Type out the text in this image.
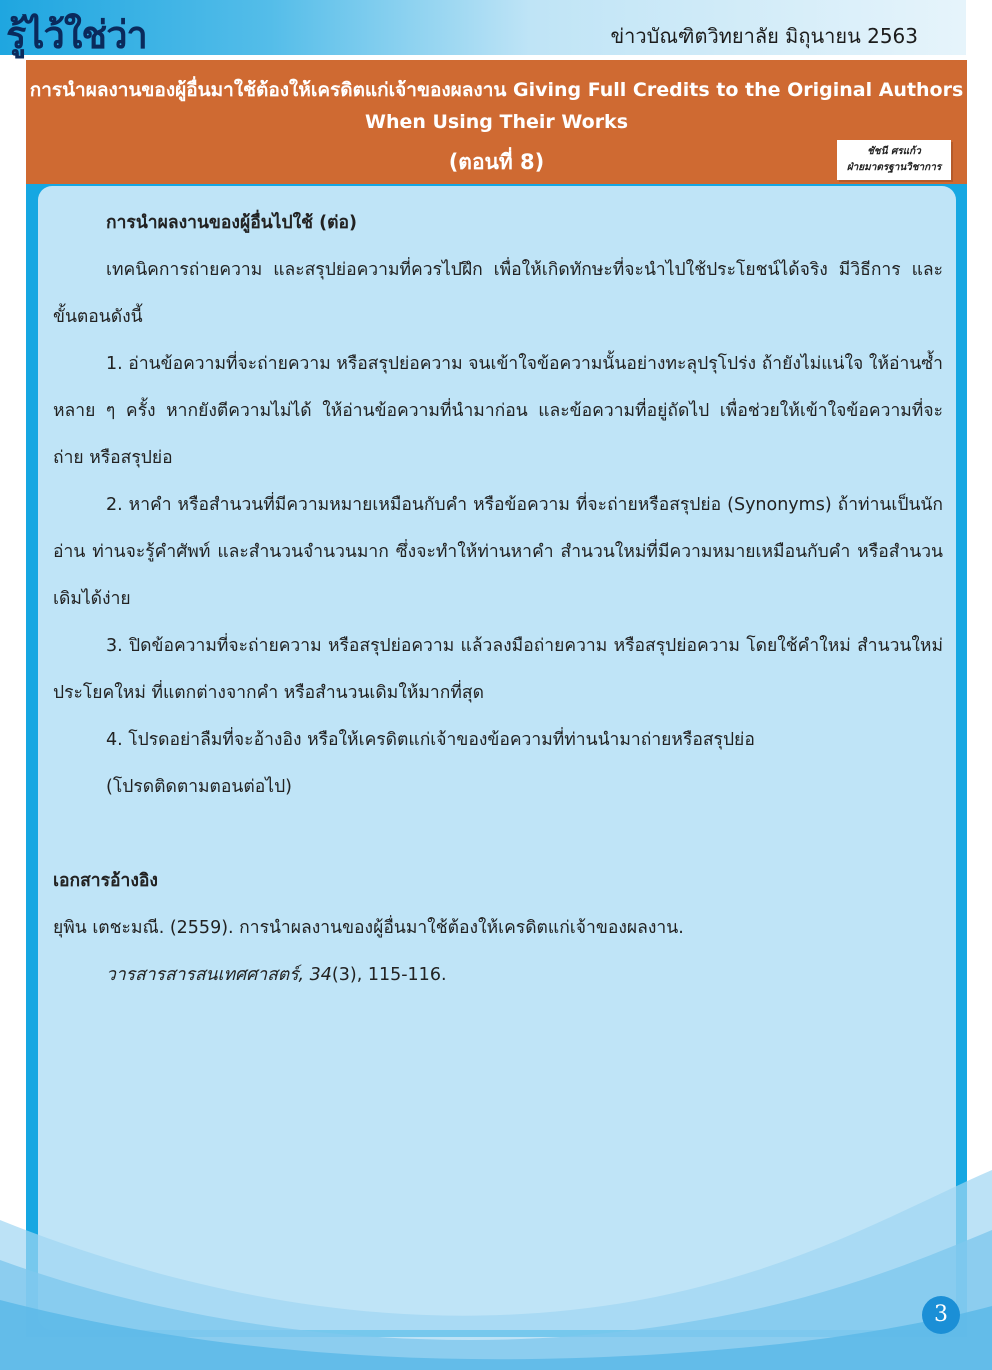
รู้ไว้ใช่ว่า	ข่าวบัณฑิตวิทยาลัย มิถุนายน 2563
การนำผลงานของผู้อื่นมาใช้ต้องให้เครดิตแก่เจ้าของผลงาน Giving Full Credits to the Original Authors
When Using Their Works
(ตอนที่ 8)	ชัชนี ศรแก้ว
ฝ่ายมาตรฐานวิชาการ

การนำผลงานของผู้อื่นไปใช้ (ต่อ)

เทคนิคการถ่ายความ และสรุปย่อความที่ควรไปฝึก เพื่อให้เกิดทักษะที่จะนำไปใช้ประโยชน์ได้จริง มีวิธีการ และขั้นตอนดังนี้

1. อ่านข้อความที่จะถ่ายความ หรือสรุปย่อความ จนเข้าใจข้อความนั้นอย่างทะลุปรุโปร่ง ถ้ายังไม่แน่ใจ ให้อ่านซ้ำหลาย ๆ ครั้ง หากยังตีความไม่ได้ ให้อ่านข้อความที่นำมาก่อน และข้อความที่อยู่ถัดไป เพื่อช่วยให้เข้าใจข้อความที่จะถ่าย หรือสรุปย่อ

2. หาคำ หรือสำนวนที่มีความหมายเหมือนกับคำ หรือข้อความ ที่จะถ่ายหรือสรุปย่อ (Synonyms) ถ้าท่านเป็นนักอ่าน ท่านจะรู้คำศัพท์ และสำนวนจำนวนมาก ซึ่งจะทำให้ท่านหาคำ สำนวนใหม่ที่มีความหมายเหมือนกับคำ หรือสำนวนเดิมได้ง่าย

3. ปิดข้อความที่จะถ่ายความ หรือสรุปย่อความ แล้วลงมือถ่ายความ หรือสรุปย่อความ โดยใช้คำใหม่ สำนวนใหม่ ประโยคใหม่ ที่แตกต่างจากคำ หรือสำนวนเดิมให้มากที่สุด

4. โปรดอย่าลืมที่จะอ้างอิง หรือให้เครดิตแก่เจ้าของข้อความที่ท่านนำมาถ่ายหรือสรุปย่อ

(โปรดติดตามตอนต่อไป)

เอกสารอ้างอิง

ยุพิน เตชะมณี. (2559). การนำผลงานของผู้อื่นมาใช้ต้องให้เครดิตแก่เจ้าของผลงาน.

วารสารสารสนเทศศาสตร์, 34(3), 115-116.

3
